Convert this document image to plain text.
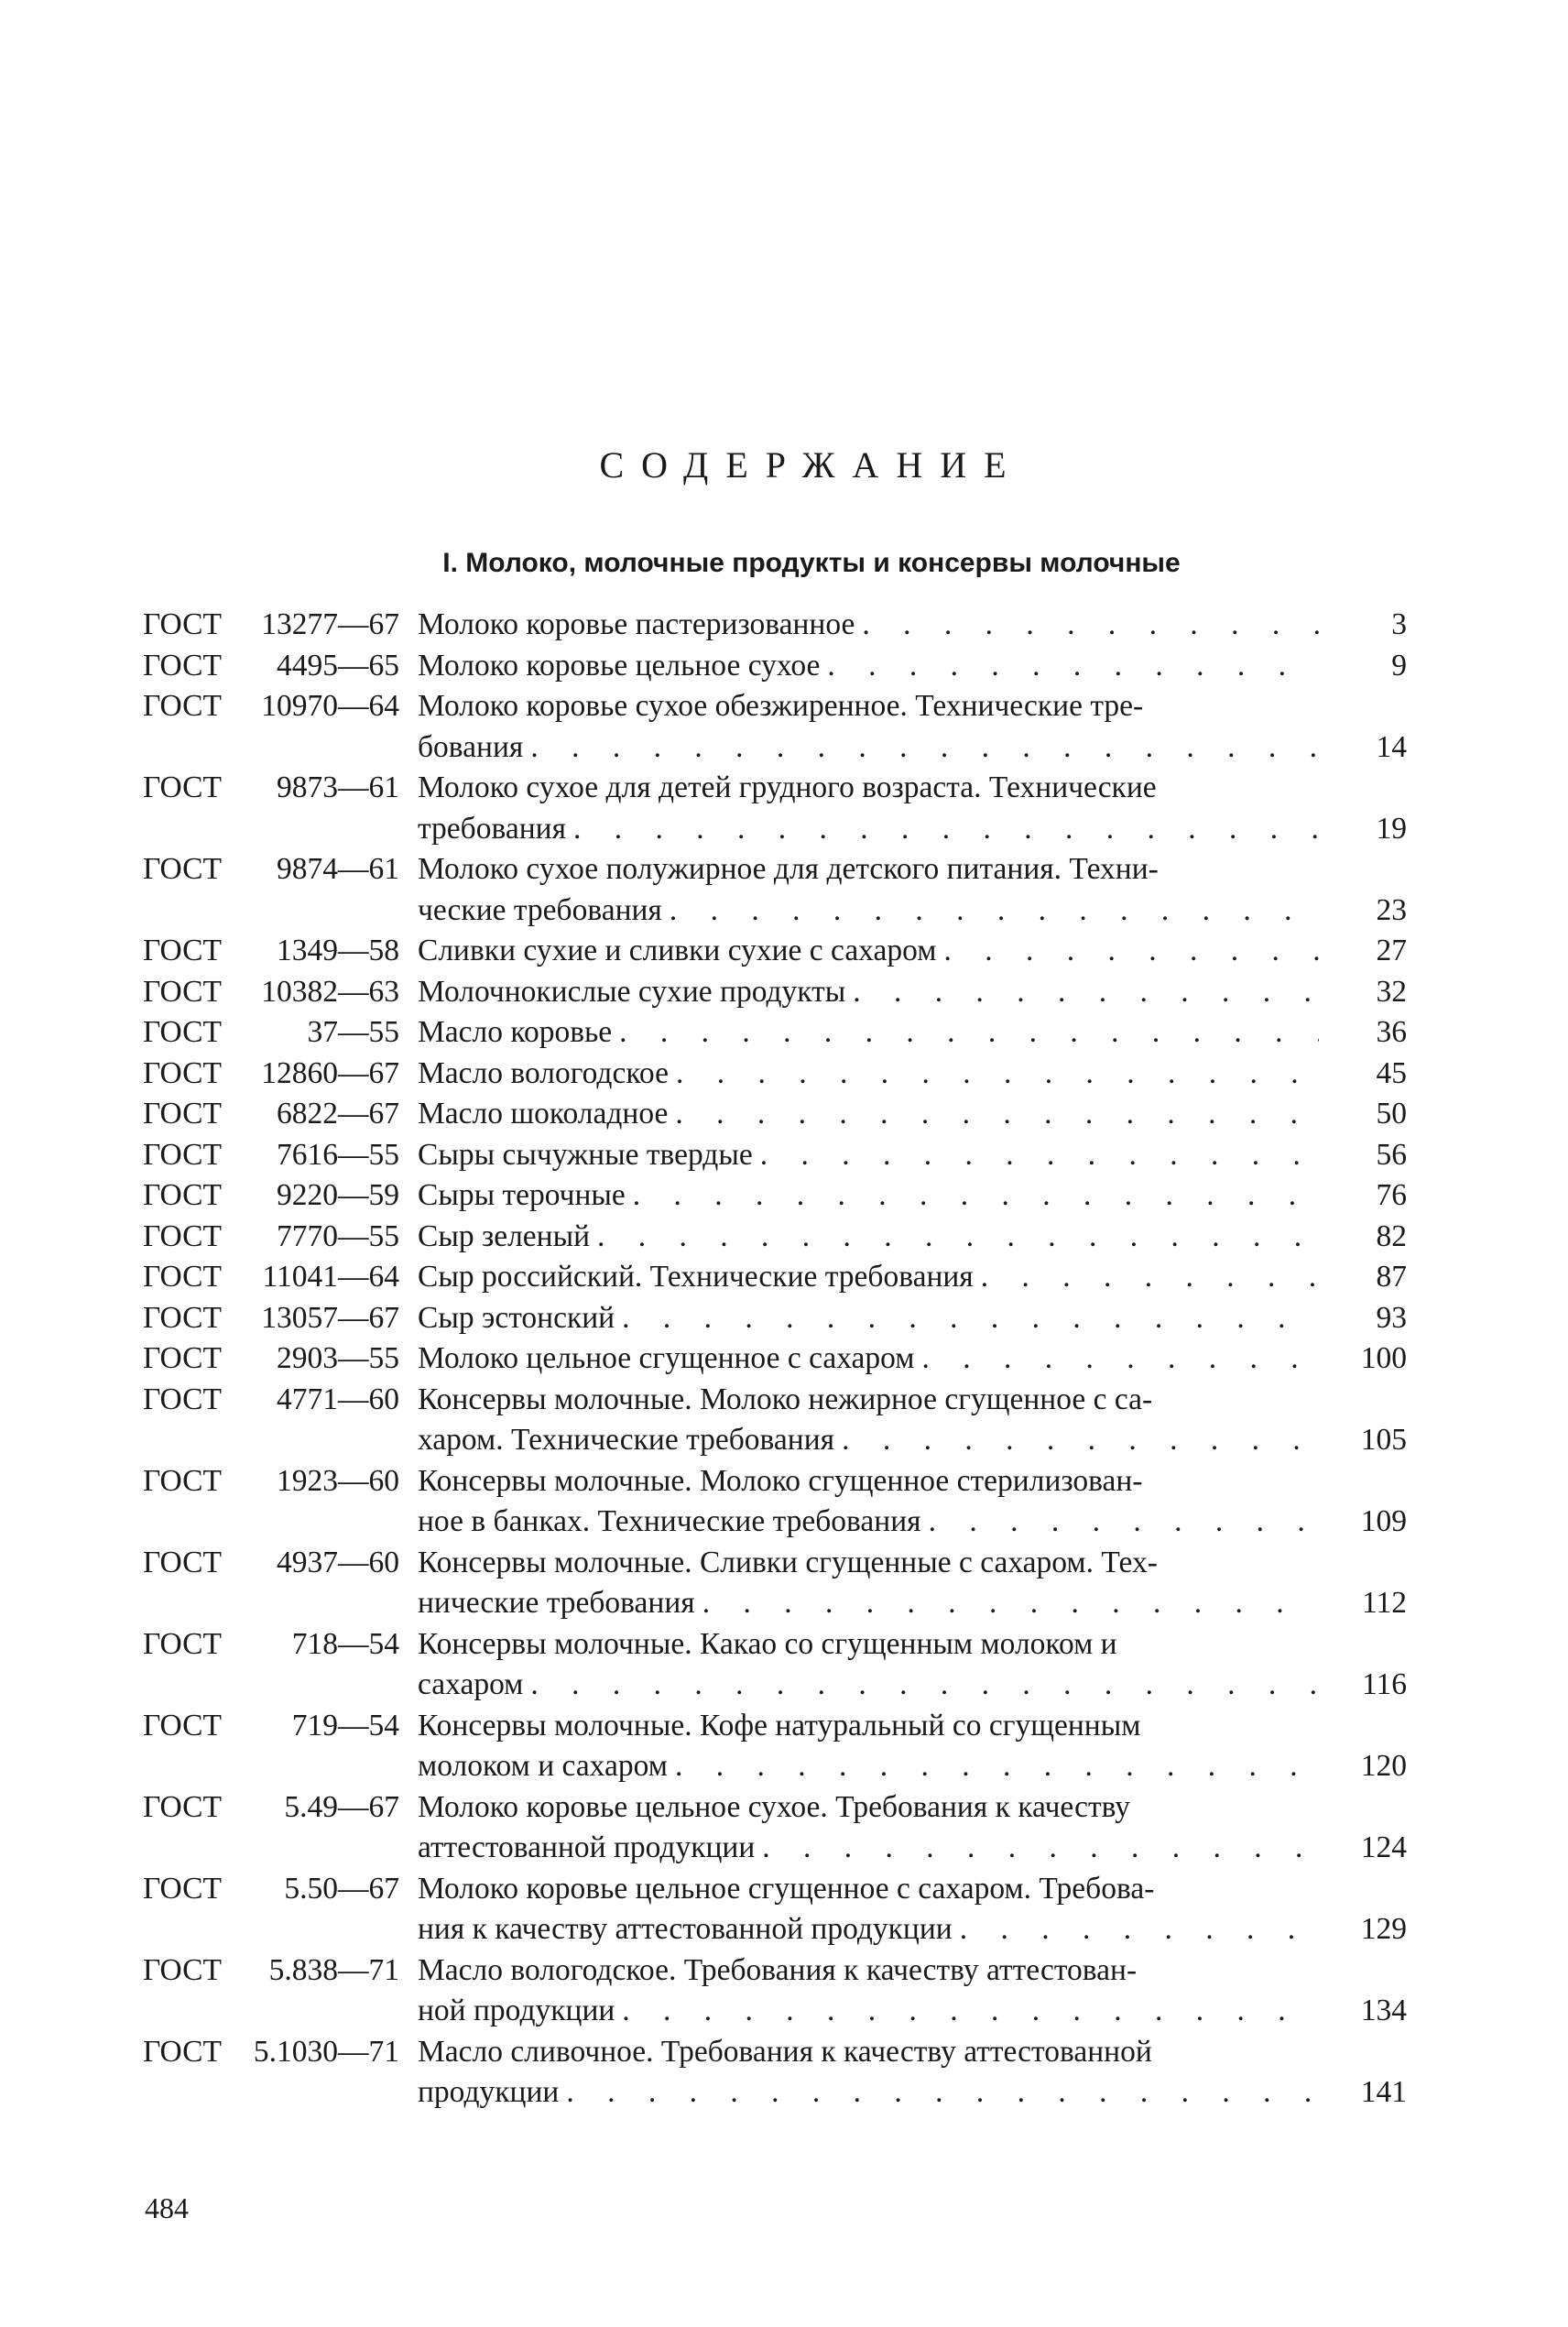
СОДЕРЖАНИЕ
I. Молоко, молочные продукты и консервы молочные
ГОСТ 13277—67 Молоко коровье пастеризованное . . .	3
ГОСТ 4495—65 Молоко коровье цельное сухое . . .	9
ГОСТ 10970—64 Молоко коровье сухое обезжиренное. Технические тре-
бования . . .	14
ГОСТ 9873—61 Молоко сухое для детей грудного возраста. Технические
требования . . .	19
ГОСТ 9874—61 Молоко сухое полужирное для детского питания. Техни-
ческие требования . . .	23
ГОСТ 1349—58 Сливки сухие и сливки сухие с сахаром . . .	27
ГОСТ 10382—63 Молочнокислые сухие продукты . . .	32
ГОСТ	37—55 Масло коровье . . .	36
ГОСТ 12860—67 Масло вологодское . . .	45
ГОСТ 6822—67 Масло шоколадное . . .	50
ГОСТ 7616—55 Сыры сычужные твердые . . .	56
ГОСТ 9220—59 Сыры терочные . . .	76
ГОСТ 7770—55 Сыр зеленый . . .	82
ГОСТ 11041—64 Сыр российский. Технические требования . . .	87
ГОСТ 13057—67 Сыр эстонский . . .	93
ГОСТ 2903—55 Молоко цельное сгущенное с сахаром . . .	100
ГОСТ 4771—60 Консервы молочные. Молоко нежирное сгущенное с са-
харом. Технические требования . . .	105
ГОСТ 1923—60 Консервы молочные. Молоко сгущенное стерилизован-
ное в банках. Технические требования . . .	109
ГОСТ 4937—60 Консервы молочные. Сливки сгущенные с сахаром. Тех-
нические требования . . .	112
ГОСТ 718—54 Консервы молочные. Какао со сгущенным молоком и
сахаром . . .	116
ГОСТ 719—54 Консервы молочные. Кофе натуральный со сгущенным
молоком и сахаром . . .	120
ГОСТ 5.49—67 Молоко коровье цельное сухое. Требования к качеству
аттестованной продукции . . .	124
ГОСТ 5.50—67 Молоко коровье цельное сгущенное с сахаром. Требова-
ния к качеству аттестованной продукции . . .	129
ГОСТ 5.838—71 Масло вологодское. Требования к качеству аттестован-
ной продукции . . .	134
ГОСТ 5.1030—71 Масло сливочное. Требования к качеству аттестованной
продукции . . .	141
484
